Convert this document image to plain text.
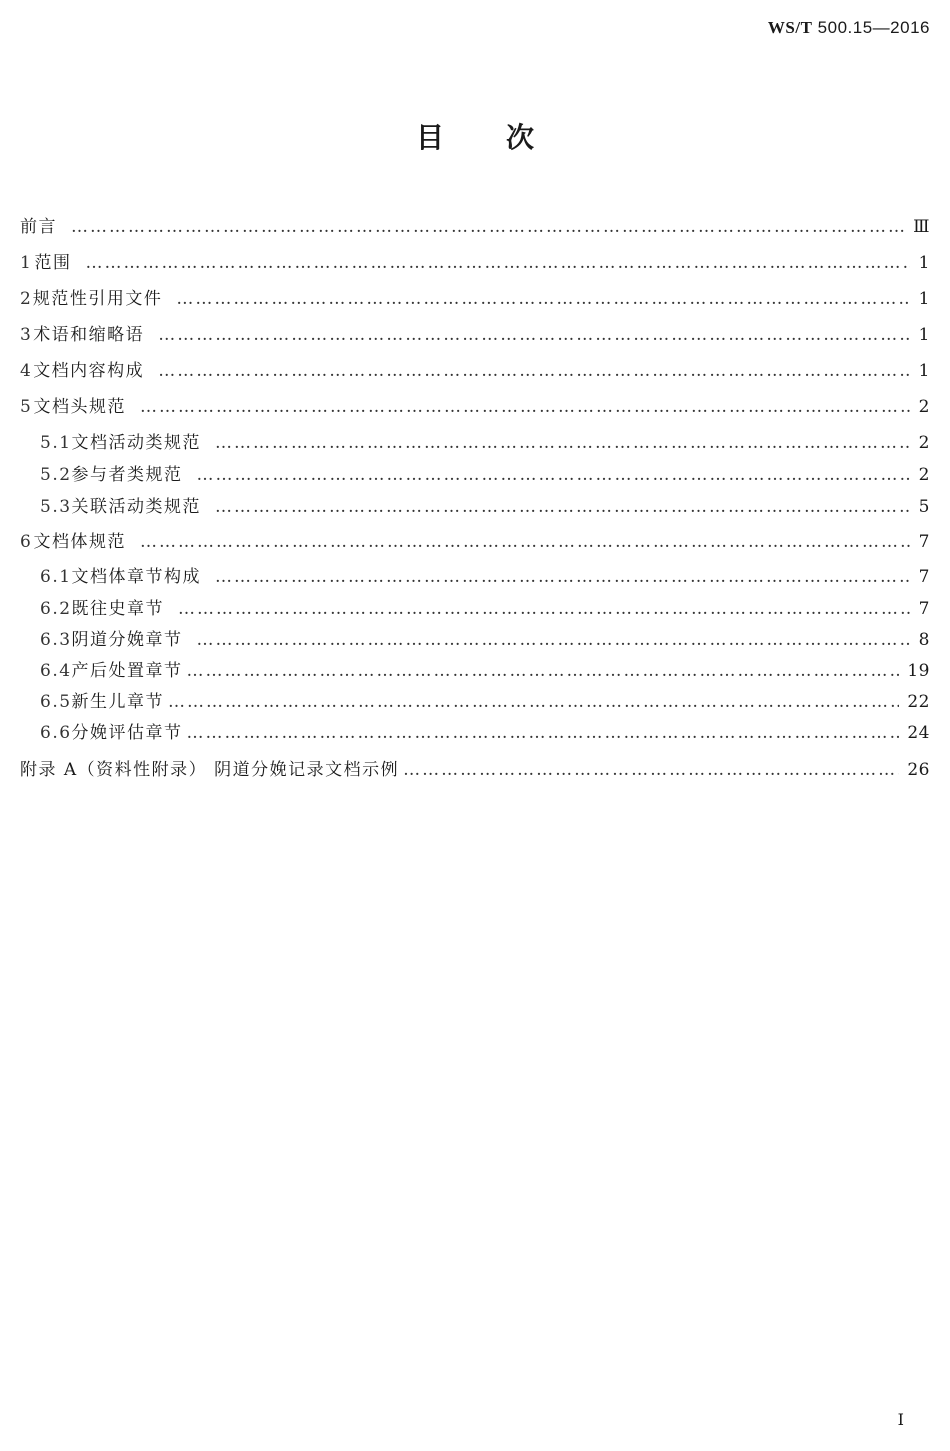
WS/T 500.15—2016
目次
前言 ………………………………………………………………………………………………………………………………………………………………………………………………………………………………………………………………	Ⅲ
1 范围 ………………………………………………………………………………………………………………………………………………………………………………………………………………………………………………………………	1
2 规范性引用文件 ………………………………………………………………………………………………………………………………………………………………………………………………………………………………………………………………	1
3 术语和缩略语 ………………………………………………………………………………………………………………………………………………………………………………………………………………………………………………………………	1
4 文档内容构成 ………………………………………………………………………………………………………………………………………………………………………………………………………………………………………………………………	1
5 文档头规范 ………………………………………………………………………………………………………………………………………………………………………………………………………………………………………………………………	2
5.1 文档活动类规范 ………………………………………………………………………………………………………………………………………………………………………………………………………………………………………………………………	2
5.2 参与者类规范 ………………………………………………………………………………………………………………………………………………………………………………………………………………………………………………………………	2
5.3 关联活动类规范 ………………………………………………………………………………………………………………………………………………………………………………………………………………………………………………………………	5
6 文档体规范 ………………………………………………………………………………………………………………………………………………………………………………………………………………………………………………………………	7
6.1 文档体章节构成 ………………………………………………………………………………………………………………………………………………………………………………………………………………………………………………………………	7
6.2 既往史章节 ………………………………………………………………………………………………………………………………………………………………………………………………………………………………………………………………	7
6.3 阴道分娩章节 ………………………………………………………………………………………………………………………………………………………………………………………………………………………………………………………………	8
6.4 产后处置章节 ………………………………………………………………………………………………………………………………………………………………………………………………………………………………………………………………	19
6.5 新生儿章节 ………………………………………………………………………………………………………………………………………………………………………………………………………………………………………………………………	22
6.6 分娩评估章节 ………………………………………………………………………………………………………………………………………………………………………………………………………………………………………………………………	24
附录 A（资料性附录） 阴道分娩记录文档示例 ………………………………………………………………………………………………………………………………………………………………………………………………………………………………………………………………	26
I
